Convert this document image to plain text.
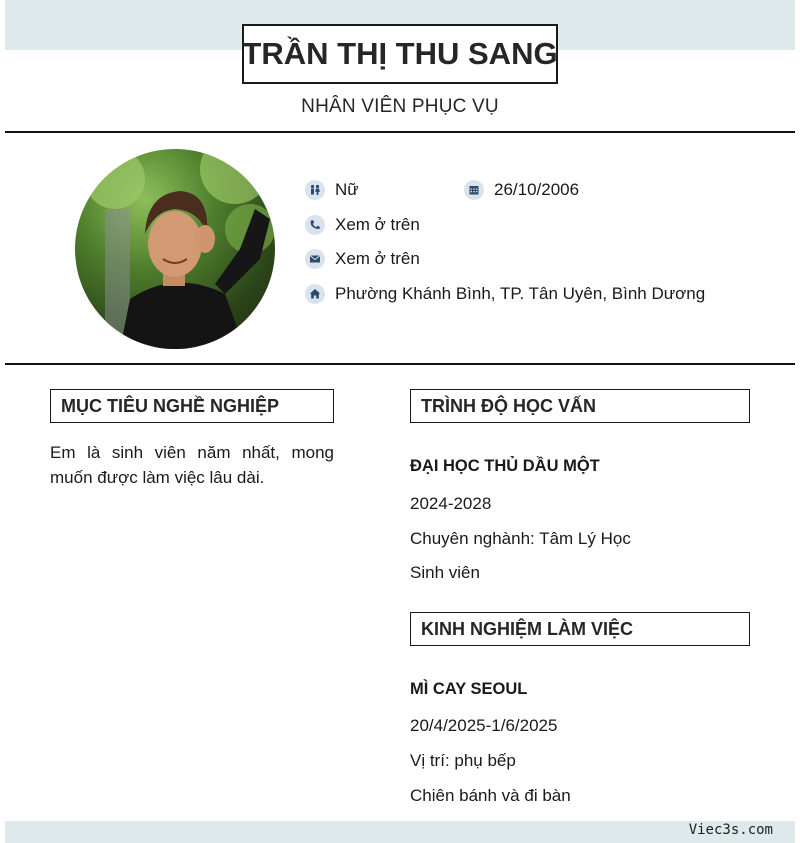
TRẦN THỊ THU SANG
NHÂN VIÊN PHỤC VỤ
Nữ	26/10/2006
Xem ở trên
Xem ở trên
Phường Khánh Bình, TP. Tân Uyên, Bình Dương
MỤC TIÊU NGHỀ NGHIỆP
Em là sinh viên năm nhất, mong muốn được làm việc lâu dài.
TRÌNH ĐỘ HỌC VẤN
ĐẠI HỌC THỦ DẦU MỘT
2024-2028
Chuyên nghành: Tâm Lý Học
Sinh viên
KINH NGHIỆM LÀM VIỆC
MÌ CAY SEOUL
20/4/2025-1/6/2025
Vị trí: phụ bếp
Chiên bánh và đi bàn
Viec3s.com
